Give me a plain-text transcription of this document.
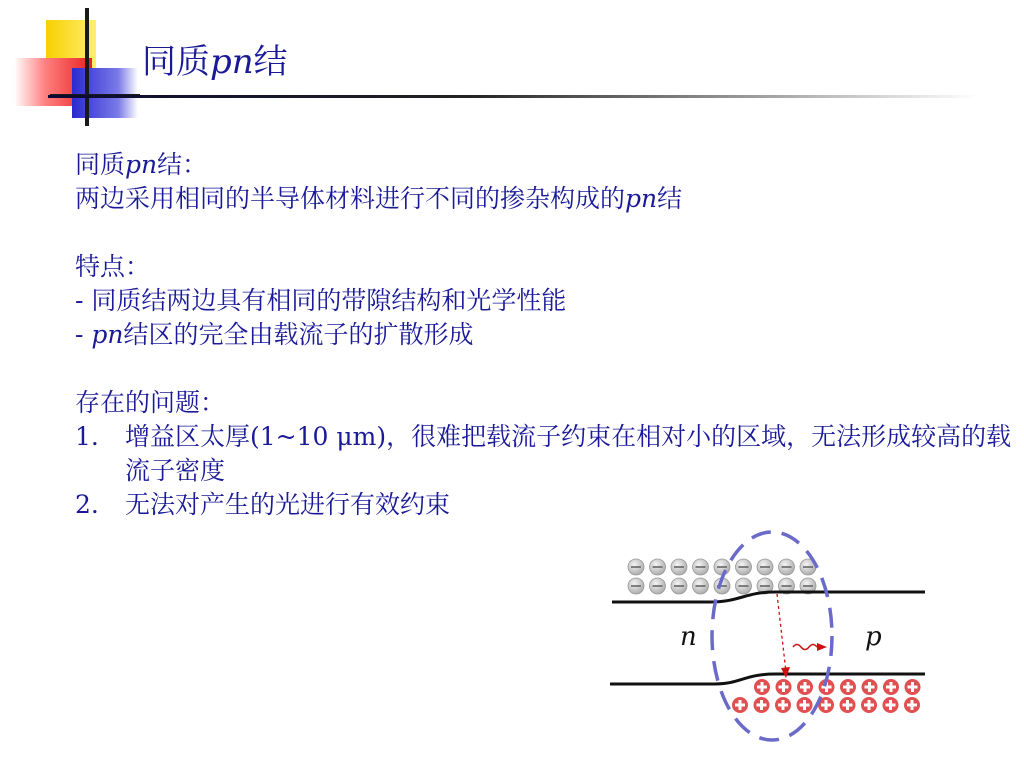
同质pn结
同质pn结：
两边采用相同的半导体材料进行不同的掺杂构成的pn结
特点：
- 同质结两边具有相同的带隙结构和光学性能
- pn结区的完全由载流子的扩散形成
存在的问题：
1.	增益区太厚(1~10 μm)，很难把载流子约束在相对小的区域，无法形成较高的载流子密度
2.	无法对产生的光进行有效约束
n	p
